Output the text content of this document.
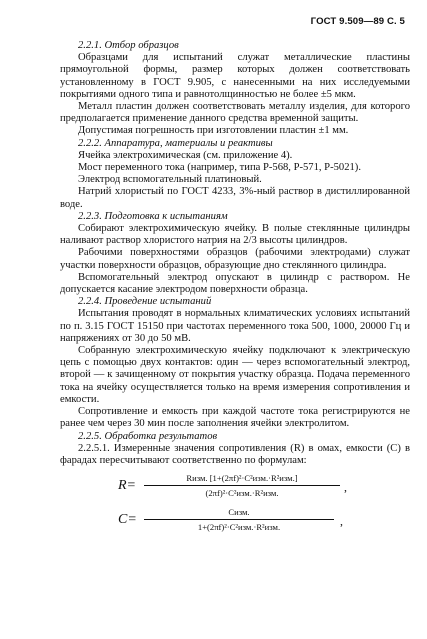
ГОСТ 9.509—89 С. 5

2.2.1. Отбор образцов

Образцами для испытаний служат металлические пластины прямоугольной формы, размер которых должен соответствовать установленному в ГОСТ 9.905, с нанесенными на них исследуемыми покрытиями одного типа и равнотолщинностью не более ±5 мкм.

Металл пластин должен соответствовать металлу изделия, для которого предполагается применение данного средства временной защиты.

Допустимая погрешность при изготовлении пластин ±1 мм.

2.2.2. Аппаратура, материалы и реактивы

Ячейка электрохимическая (см. приложение 4).

Мост переменного тока (например, типа Р-568, Р-571, Р-5021).

Электрод вспомогательный платиновый.

Натрий хлористый по ГОСТ 4233, 3%-ный раствор в дистиллированной воде.

2.2.3. Подготовка к испытаниям

Собирают электрохимическую ячейку. В полые стеклянные цилиндры наливают раствор хлористого натрия на 2/3 высоты цилиндров.

Рабочими поверхностями образцов (рабочими электродами) служат участки поверхности образцов, образующие дно стеклянного цилиндра.

Вспомогательный электрод опускают в цилиндр с раствором. Не допускается касание электродом поверхности образца.

2.2.4. Проведение испытаний

Испытания проводят в нормальных климатических условиях испытаний по п. 3.15 ГОСТ 15150 при частотах переменного тока 500, 1000, 20000 Гц и напряжениях от 30 до 50 мВ.

Собранную электрохимическую ячейку подключают к электрическую цепь с помощью двух контактов: один — через вспомогательный электрод, второй — к зачищенному от покрытия участку образца. Подача переменного тока на ячейку осуществляется только на время измерения сопротивления и емкости.

Сопротивление и емкость при каждой частоте тока регистрируются не ранее чем через 30 мин после заполнения ячейки электролитом.

2.2.5. Обработка результатов

2.2.5.1. Измеренные значения сопротивления (R) в омах, емкости (C) в фарадах пересчитывают соответственно по формулам:

R=	Rизм. [1+(2πf)²·C²изм.·R²изм.]
(2πf)²·C²изм.·R²изм.	,
C=	Cизм.
1+(2πf)²·C²изм.·R²изм.	,
